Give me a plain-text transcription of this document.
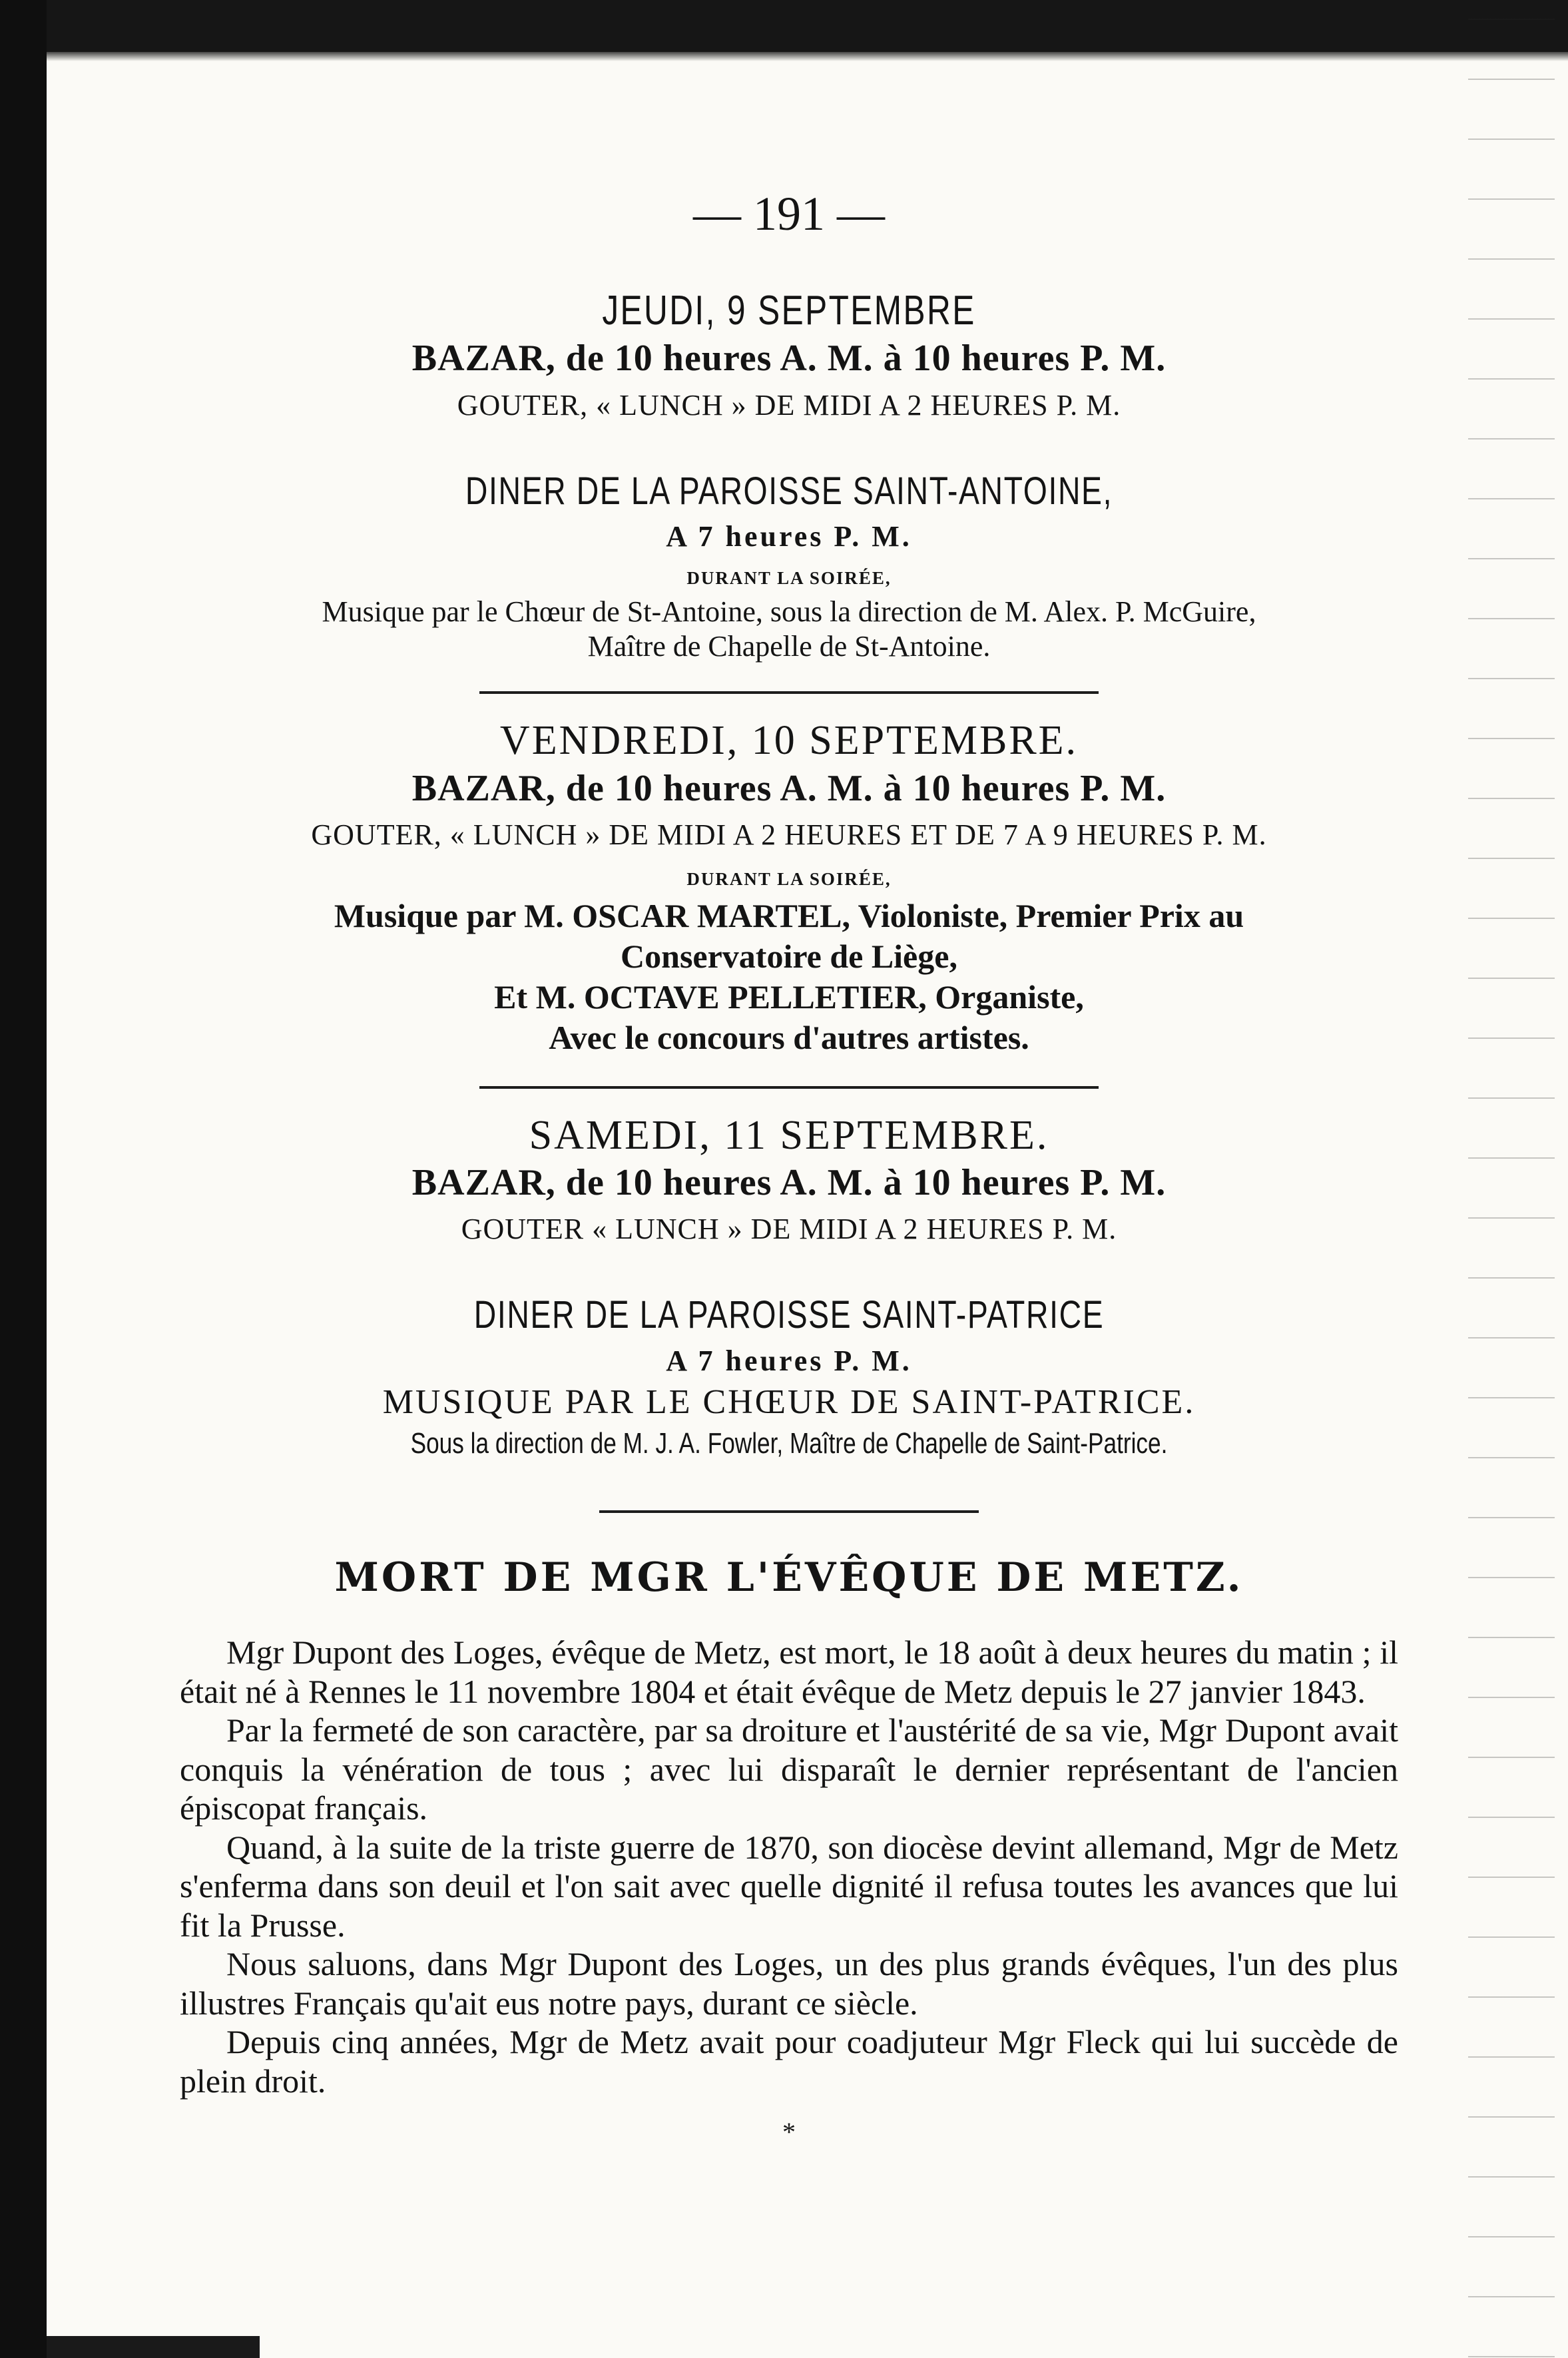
— 191 —
JEUDI, 9 SEPTEMBRE
BAZAR, de 10 heures A. M. à 10 heures P. M.
GOUTER, « LUNCH » DE MIDI A 2 HEURES P. M.
DINER DE LA PAROISSE SAINT-ANTOINE,
A 7 heures P. M.
DURANT LA SOIRÉE,
Musique par le Chœur de St-Antoine, sous la direction de M. Alex. P. McGuire,
Maître de Chapelle de St-Antoine.
VENDREDI, 10 SEPTEMBRE.
BAZAR, de 10 heures A. M. à 10 heures P. M.
GOUTER, « LUNCH » DE MIDI A 2 HEURES ET DE 7 A 9 HEURES P. M.
DURANT LA SOIRÉE,
Musique par M. OSCAR MARTEL, Violoniste, Premier Prix au
Conservatoire de Liège,
Et M. OCTAVE PELLETIER, Organiste,
Avec le concours d'autres artistes.
SAMEDI, 11 SEPTEMBRE.
BAZAR, de 10 heures A. M. à 10 heures P. M.
GOUTER « LUNCH » DE MIDI A 2 HEURES P. M.
DINER DE LA PAROISSE SAINT-PATRICE
A 7 heures P. M.
MUSIQUE PAR LE CHŒUR DE SAINT-PATRICE.
Sous la direction de M. J. A. Fowler, Maître de Chapelle de Saint-Patrice.
MORT DE MGR L'ÉVÊQUE DE METZ.

Mgr Dupont des Loges, évêque de Metz, est mort, le 18 août à deux heures du matin ; il était né à Rennes le 11 novembre 1804 et était évêque de Metz depuis le 27 janvier 1843.

Par la fermeté de son caractère, par sa droiture et l'austérité de sa vie, Mgr Dupont avait conquis la vénération de tous ; avec lui disparaît le dernier représentant de l'ancien épiscopat français.

Quand, à la suite de la triste guerre de 1870, son diocèse devint allemand, Mgr de Metz s'enferma dans son deuil et l'on sait avec quelle dignité il refusa toutes les avances que lui fit la Prusse.

Nous saluons, dans Mgr Dupont des Loges, un des plus grands évêques, l'un des plus illustres Français qu'ait eus notre pays, durant ce siècle.

Depuis cinq années, Mgr de Metz avait pour coadjuteur Mgr Fleck qui lui succède de plein droit.

*
